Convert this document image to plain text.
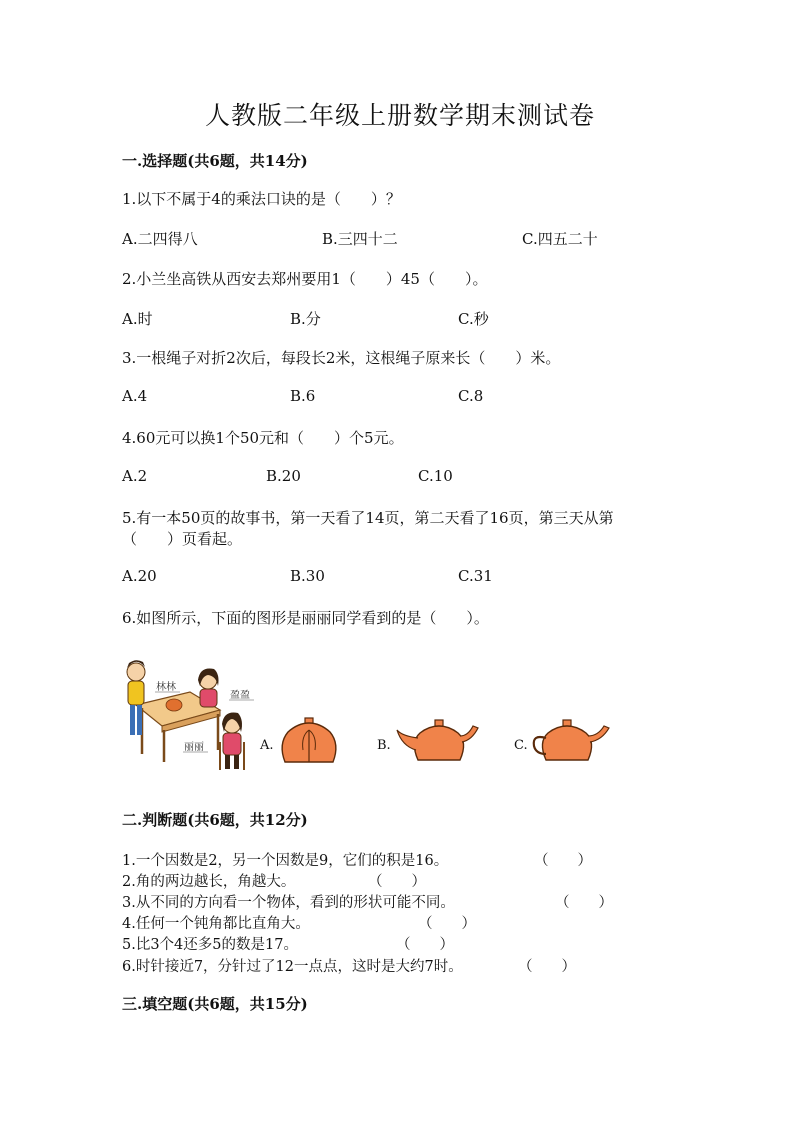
人教版二年级上册数学期末测试卷
一.选择题(共6题，共14分)
1.以下不属于4的乘法口诀的是（　　）？
A.二四得八	B.三四十二	C.四五二十
2.小兰坐高铁从西安去郑州要用1（　　）45（　　）。
A.时	B.分	C.秒
3.一根绳子对折2次后，每段长2米，这根绳子原来长（　　）米。
A.4	B.6	C.8
4.60元可以换1个50元和（　　）个5元。
A.2	B.20	C.10
5.有一本50页的故事书，第一天看了14页，第二天看了16页，第三天从第
（　　）页看起。
A.20	B.30	C.31
6.如图所示，下面的图形是丽丽同学看到的是（　　）。
林林
盈盈
丽丽	A.	B.	C.
二.判断题(共6题，共12分)
1.一个因数是2，另一个因数是9，它们的积是16。	（　　）
2.角的两边越长，角越大。	（　　）
3.从不同的方向看一个物体，看到的形状可能不同。	（　　）
4.任何一个钝角都比直角大。	（　　）
5.比3个4还多5的数是17。	（　　）
6.时针接近7，分针过了12一点点，这时是大约7时。	（　　）
三.填空题(共6题，共15分)
